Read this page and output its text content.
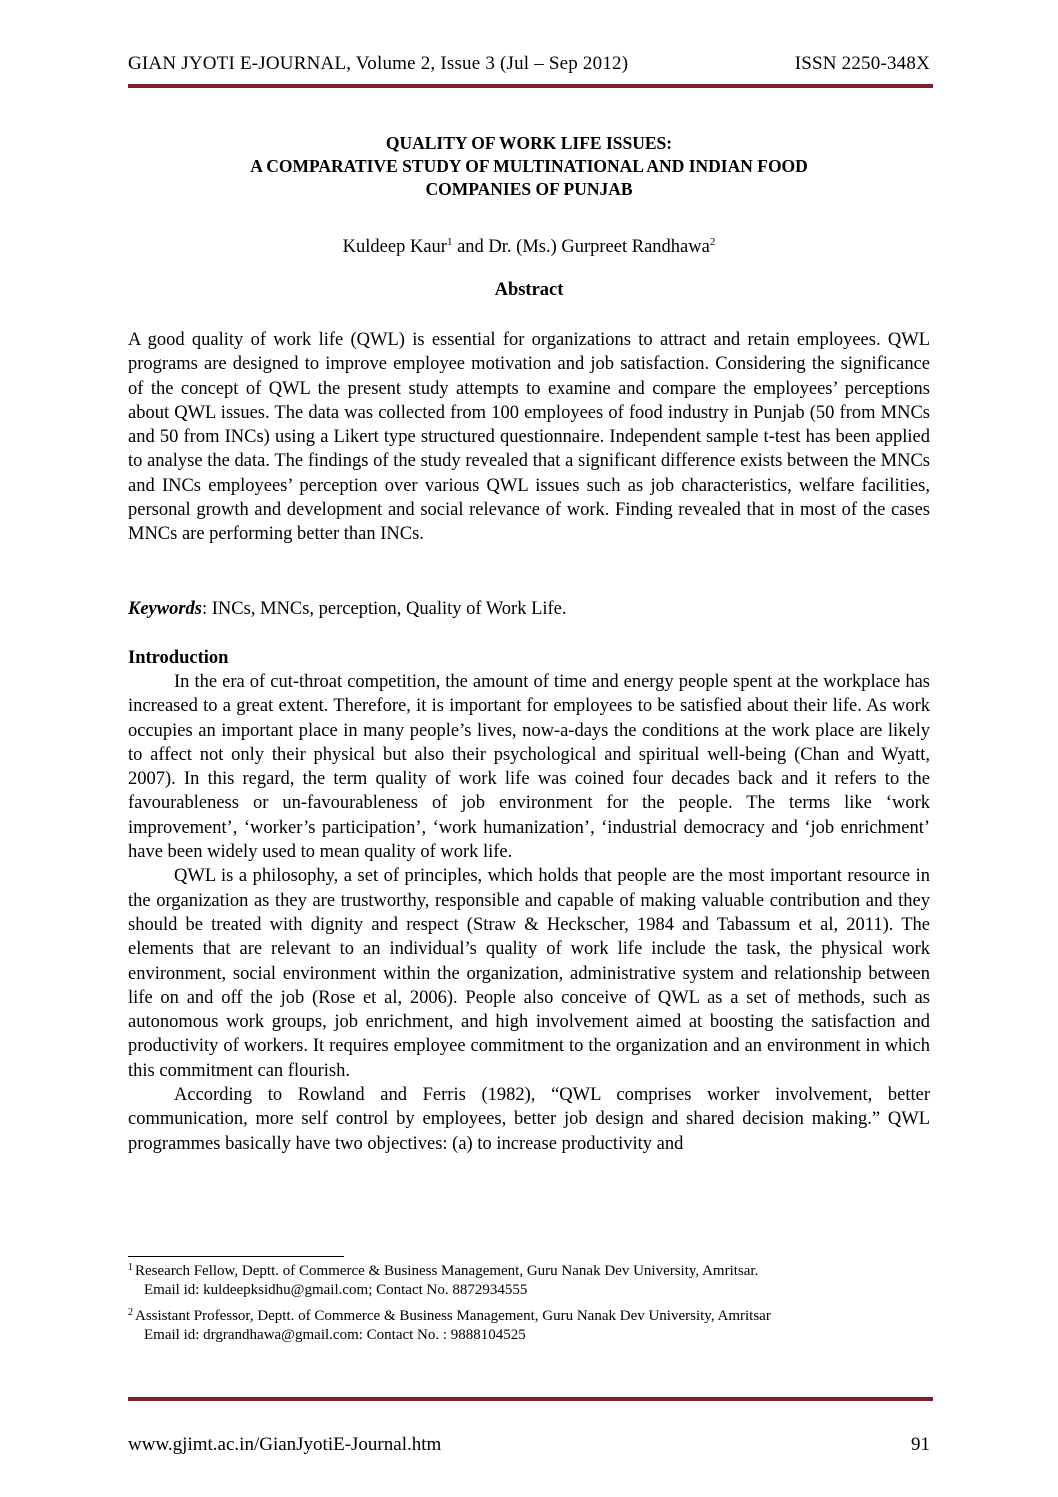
GIAN JYOTI E-JOURNAL, Volume 2, Issue 3 (Jul – Sep 2012)	ISSN 2250-348X
QUALITY OF WORK LIFE ISSUES:
A COMPARATIVE STUDY OF MULTINATIONAL AND INDIAN FOOD
COMPANIES OF PUNJAB
Kuldeep Kaur$^1$ and Dr. (Ms.) Gurpreet Randhawa$^2$
Abstract

A good quality of work life (QWL) is essential for organizations to attract and retain employees. QWL programs are designed to improve employee motivation and job satisfaction. Considering the significance of the concept of QWL the present study attempts to examine and compare the employees’ perceptions about QWL issues. The data was collected from 100 employees of food industry in Punjab (50 from MNCs and 50 from INCs) using a Likert type structured questionnaire. Independent sample t-test has been applied to analyse the data. The findings of the study revealed that a significant difference exists between the MNCs and INCs employees’ perception over various QWL issues such as job characteristics, welfare facilities, personal growth and development and social relevance of work. Finding revealed that in most of the cases MNCs are performing better than INCs.

Keywords: INCs, MNCs, perception, Quality of Work Life.

Introduction

In the era of cut-throat competition, the amount of time and energy people spent at the workplace has increased to a great extent. Therefore, it is important for employees to be satisfied about their life. As work occupies an important place in many people’s lives, now-a-days the conditions at the work place are likely to affect not only their physical but also their psychological and spiritual well-being (Chan and Wyatt, 2007). In this regard, the term quality of work life was coined four decades back and it refers to the favourableness or un-favourableness of job environment for the people. The terms like ‘work improvement’, ‘worker’s participation’, ‘work humanization’, ‘industrial democracy and ‘job enrichment’ have been widely used to mean quality of work life.

QWL is a philosophy, a set of principles, which holds that people are the most important resource in the organization as they are trustworthy, responsible and capable of making valuable contribution and they should be treated with dignity and respect (Straw & Heckscher, 1984 and Tabassum et al, 2011). The elements that are relevant to an individual’s quality of work life include the task, the physical work environment, social environment within the organization, administrative system and relationship between life on and off the job (Rose et al, 2006). People also conceive of QWL as a set of methods, such as autonomous work groups, job enrichment, and high involvement aimed at boosting the satisfaction and productivity of workers. It requires employee commitment to the organization and an environment in which this commitment can flourish.

According to Rowland and Ferris (1982), “QWL comprises worker involvement, better communication, more self control by employees, better job design and shared decision making.” QWL programmes basically have two objectives: (a) to increase productivity and

$^1$ Research Fellow, Deptt. of Commerce & Business Management, Guru Nanak Dev University, Amritsar.
Email id: kuldeepksidhu@gmail.com; Contact No. 8872934555
$^2$ Assistant Professor, Deptt. of Commerce & Business Management, Guru Nanak Dev University, Amritsar
Email id: drgrandhawa@gmail.com: Contact No. : 9888104525
www.gjimt.ac.in/GianJyotiE-Journal.htm	91
